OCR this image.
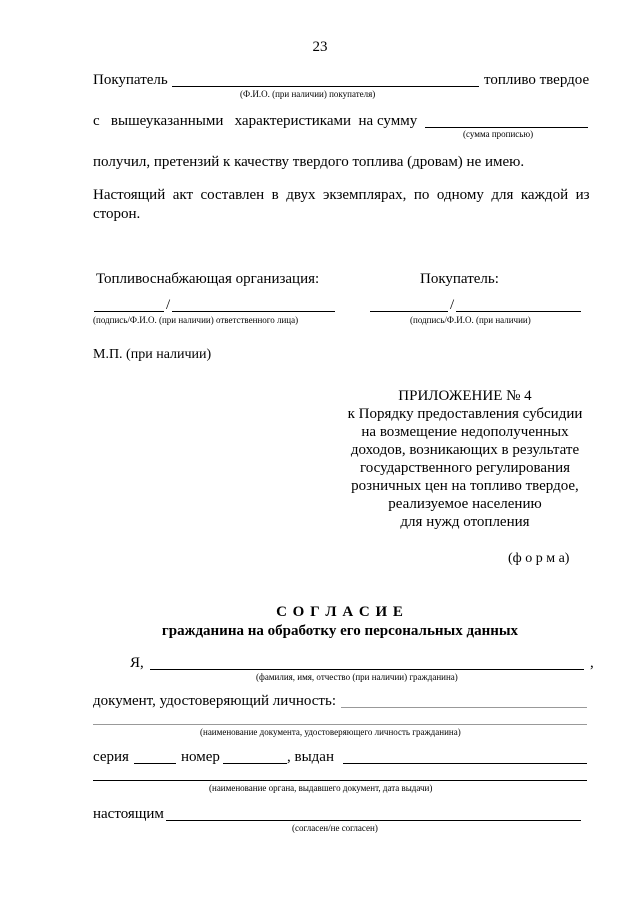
23
Покупатель	топливо твердое
(Ф.И.О. (при наличии) покупателя)
с   вышеуказанными   характеристиками  на сумму
(сумма прописью)
получил, претензий к качеству твердого топлива (дровам) не имею.
Настоящий  акт  составлен  в  двух  экземплярах,  по  одному  для  каждой  из
сторон.
Топливоснабжающая организация:	Покупатель:
/
(подпись/Ф.И.О. (при наличии) ответственного лица)
/
(подпись/Ф.И.О. (при наличии)
М.П. (при наличии)
ПРИЛОЖЕНИЕ № 4
к Порядку предоставления субсидии
на возмещение недополученных
доходов, возникающих в результате
государственного регулирования
розничных цен на топливо твердое,
реализуемое населению
для нужд отопления
(ф о р м а)
С О Г Л А С И Е
гражданина на обработку его персональных данных
Я,	,
(фамилия, имя, отчество (при наличии) гражданина)
документ, удостоверяющий личность:
(наименование документа, удостоверяющего личность гражданина)
серия	номер	, выдан
(наименование органа, выдавшего документ, дата выдачи)
настоящим
(согласен/не согласен)
